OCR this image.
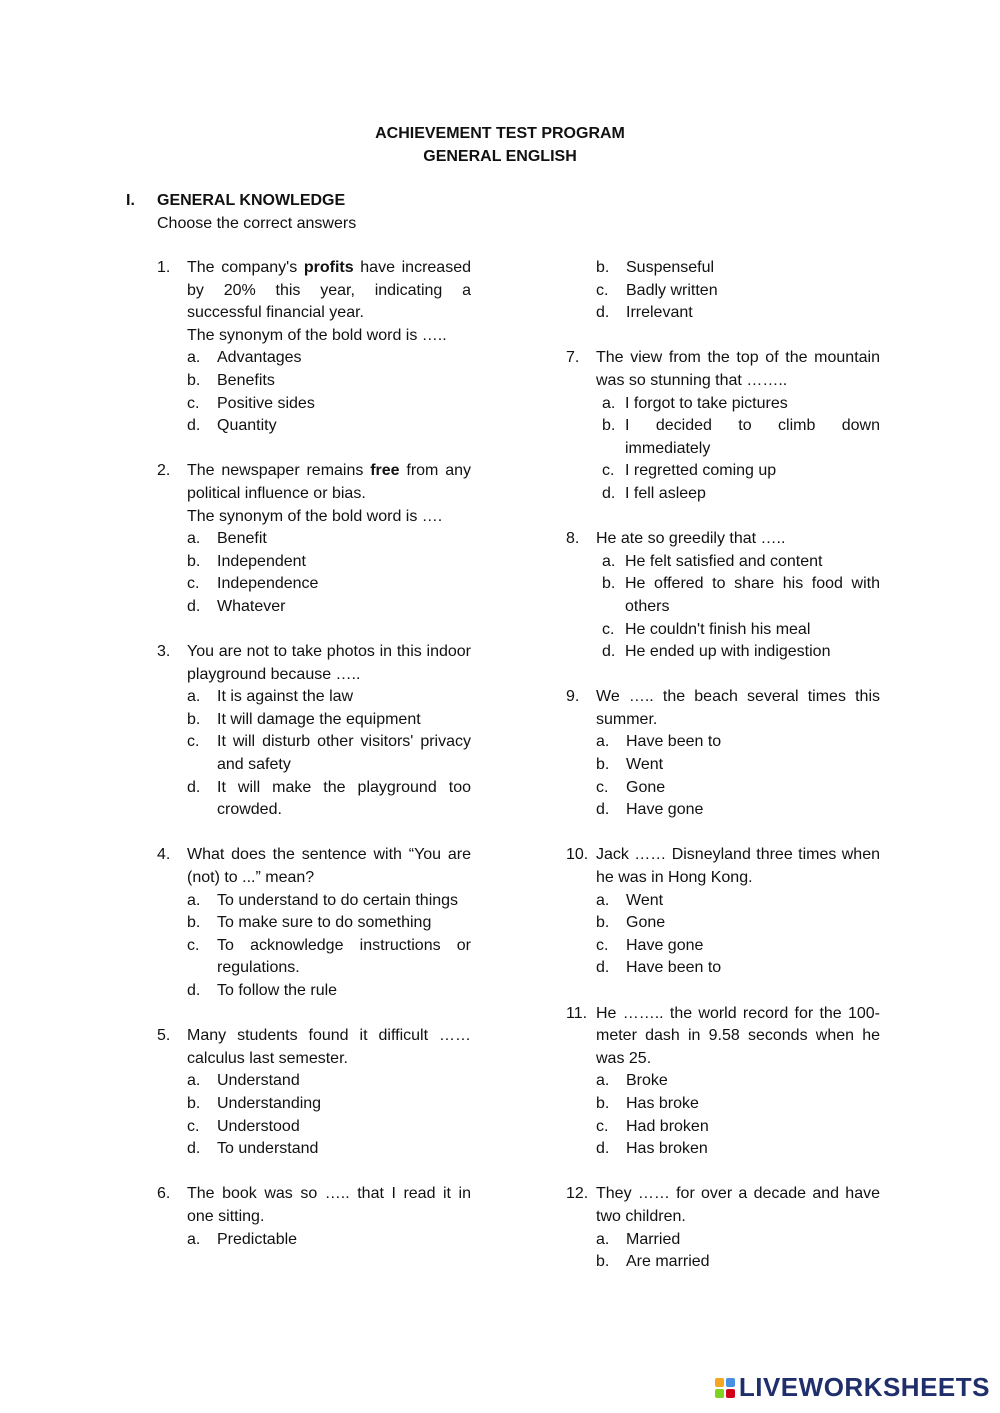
ACHIEVEMENT TEST PROGRAM
GENERAL ENGLISH
I. GENERAL KNOWLEDGE
Choose the correct answers
1.	The company's profits have increased by 20% this year, indicating a successful financial year.
The synonym of the bold word is …..
a.	Advantages
b.	Benefits
c.	Positive sides
d.	Quantity
2.	The newspaper remains free from any political influence or bias.
The synonym of the bold word is ….
a.	Benefit
b.	Independent
c.	Independence
d.	Whatever
3.	You are not to take photos in this indoor playground because …..
a.	It is against the law
b.	It will damage the equipment
c.	It will disturb other visitors' privacy and safety
d.	It will make the playground too crowded.
4.	What does the sentence with “You are (not) to ...” mean?
a.	To understand to do certain things
b.	To make sure to do something
c.	To acknowledge instructions or regulations.
d.	To follow the rule
5.	Many students found it difficult …… calculus last semester.
a.	Understand
b.	Understanding
c.	Understood
d.	To understand
6.	The book was so ….. that I read it in one sitting.
a.	Predictable
b.	Suspenseful
c.	Badly written
d.	Irrelevant
7.	The view from the top of the mountain was so stunning that ……..
a. I forgot to take pictures
b. I decided to climb down immediately
c. I regretted coming up
d. I fell asleep
8.	He ate so greedily that …..
a. He felt satisfied and content
b. He offered to share his food with others
c. He couldn't finish his meal
d. He ended up with indigestion
9.	We ….. the beach several times this summer.
a.	Have been to
b.	Went
c.	Gone
d.	Have gone
10. Jack …… Disneyland three times when he was in Hong Kong.
a.	Went
b.	Gone
c.	Have gone
d.	Have been to
11. He …….. the world record for the 100-meter dash in 9.58 seconds when he was 25.
a.	Broke
b.	Has broke
c.	Had broken
d.	Has broken
12. They …… for over a decade and have two children.
a.	Married
b.	Are married
LIVEWORKSHEETS
